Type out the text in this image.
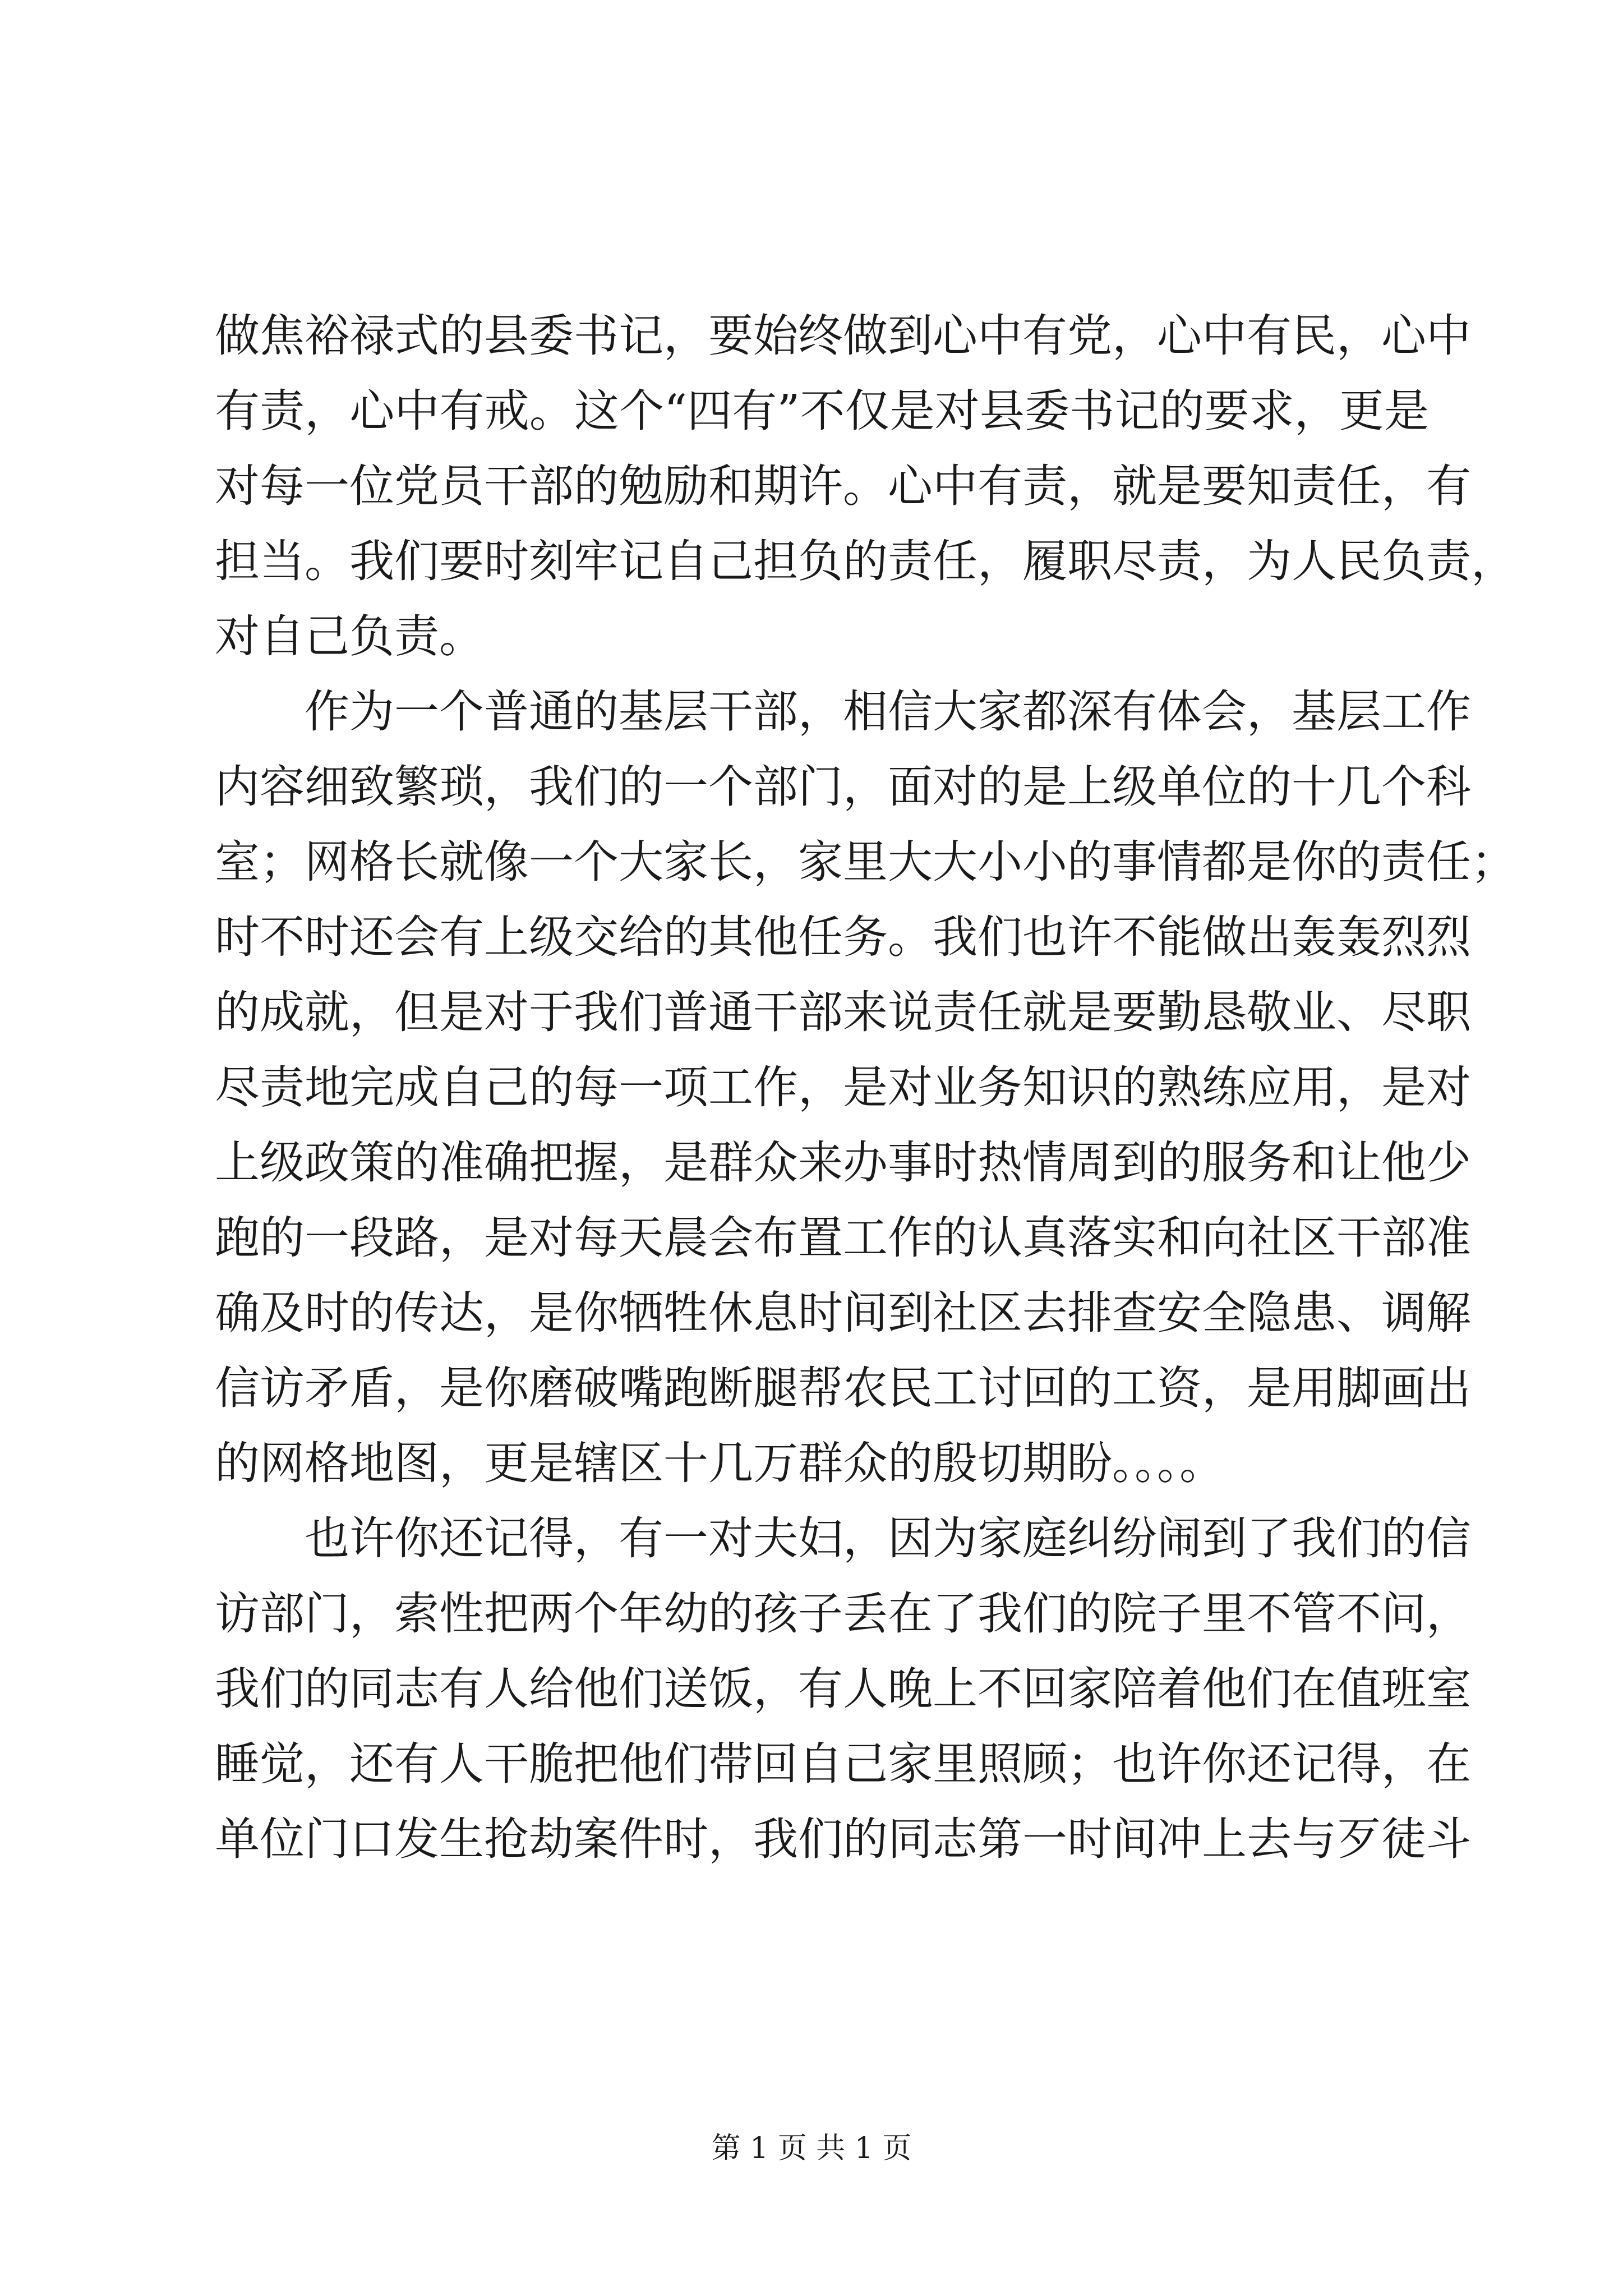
做焦裕禄式的县委书记，要始终做到心中有党，心中有民，心中
有责，心中有戒。这个“四有”不仅是对县委书记的要求，更是
对每一位党员干部的勉励和期许。心中有责，就是要知责任，有
担当。我们要时刻牢记自己担负的责任，履职尽责，为人民负责，
对自己负责。
作为一个普通的基层干部，相信大家都深有体会，基层工作
内容细致繁琐，我们的一个部门，面对的是上级单位的十几个科
室；网格长就像一个大家长，家里大大小小的事情都是你的责任；
时不时还会有上级交给的其他任务。我们也许不能做出轰轰烈烈
的成就，但是对于我们普通干部来说责任就是要勤恳敬业、尽职
尽责地完成自己的每一项工作，是对业务知识的熟练应用，是对
上级政策的准确把握，是群众来办事时热情周到的服务和让他少
跑的一段路，是对每天晨会布置工作的认真落实和向社区干部准
确及时的传达，是你牺牲休息时间到社区去排查安全隐患、调解
信访矛盾，是你磨破嘴跑断腿帮农民工讨回的工资，是用脚画出
的网格地图，更是辖区十几万群众的殷切期盼。。。。
也许你还记得，有一对夫妇，因为家庭纠纷闹到了我们的信
访部门，索性把两个年幼的孩子丢在了我们的院子里不管不问，
我们的同志有人给他们送饭，有人晚上不回家陪着他们在值班室
睡觉，还有人干脆把他们带回自己家里照顾；也许你还记得，在
单位门口发生抢劫案件时，我们的同志第一时间冲上去与歹徒斗
第 1 页 共 1 页
